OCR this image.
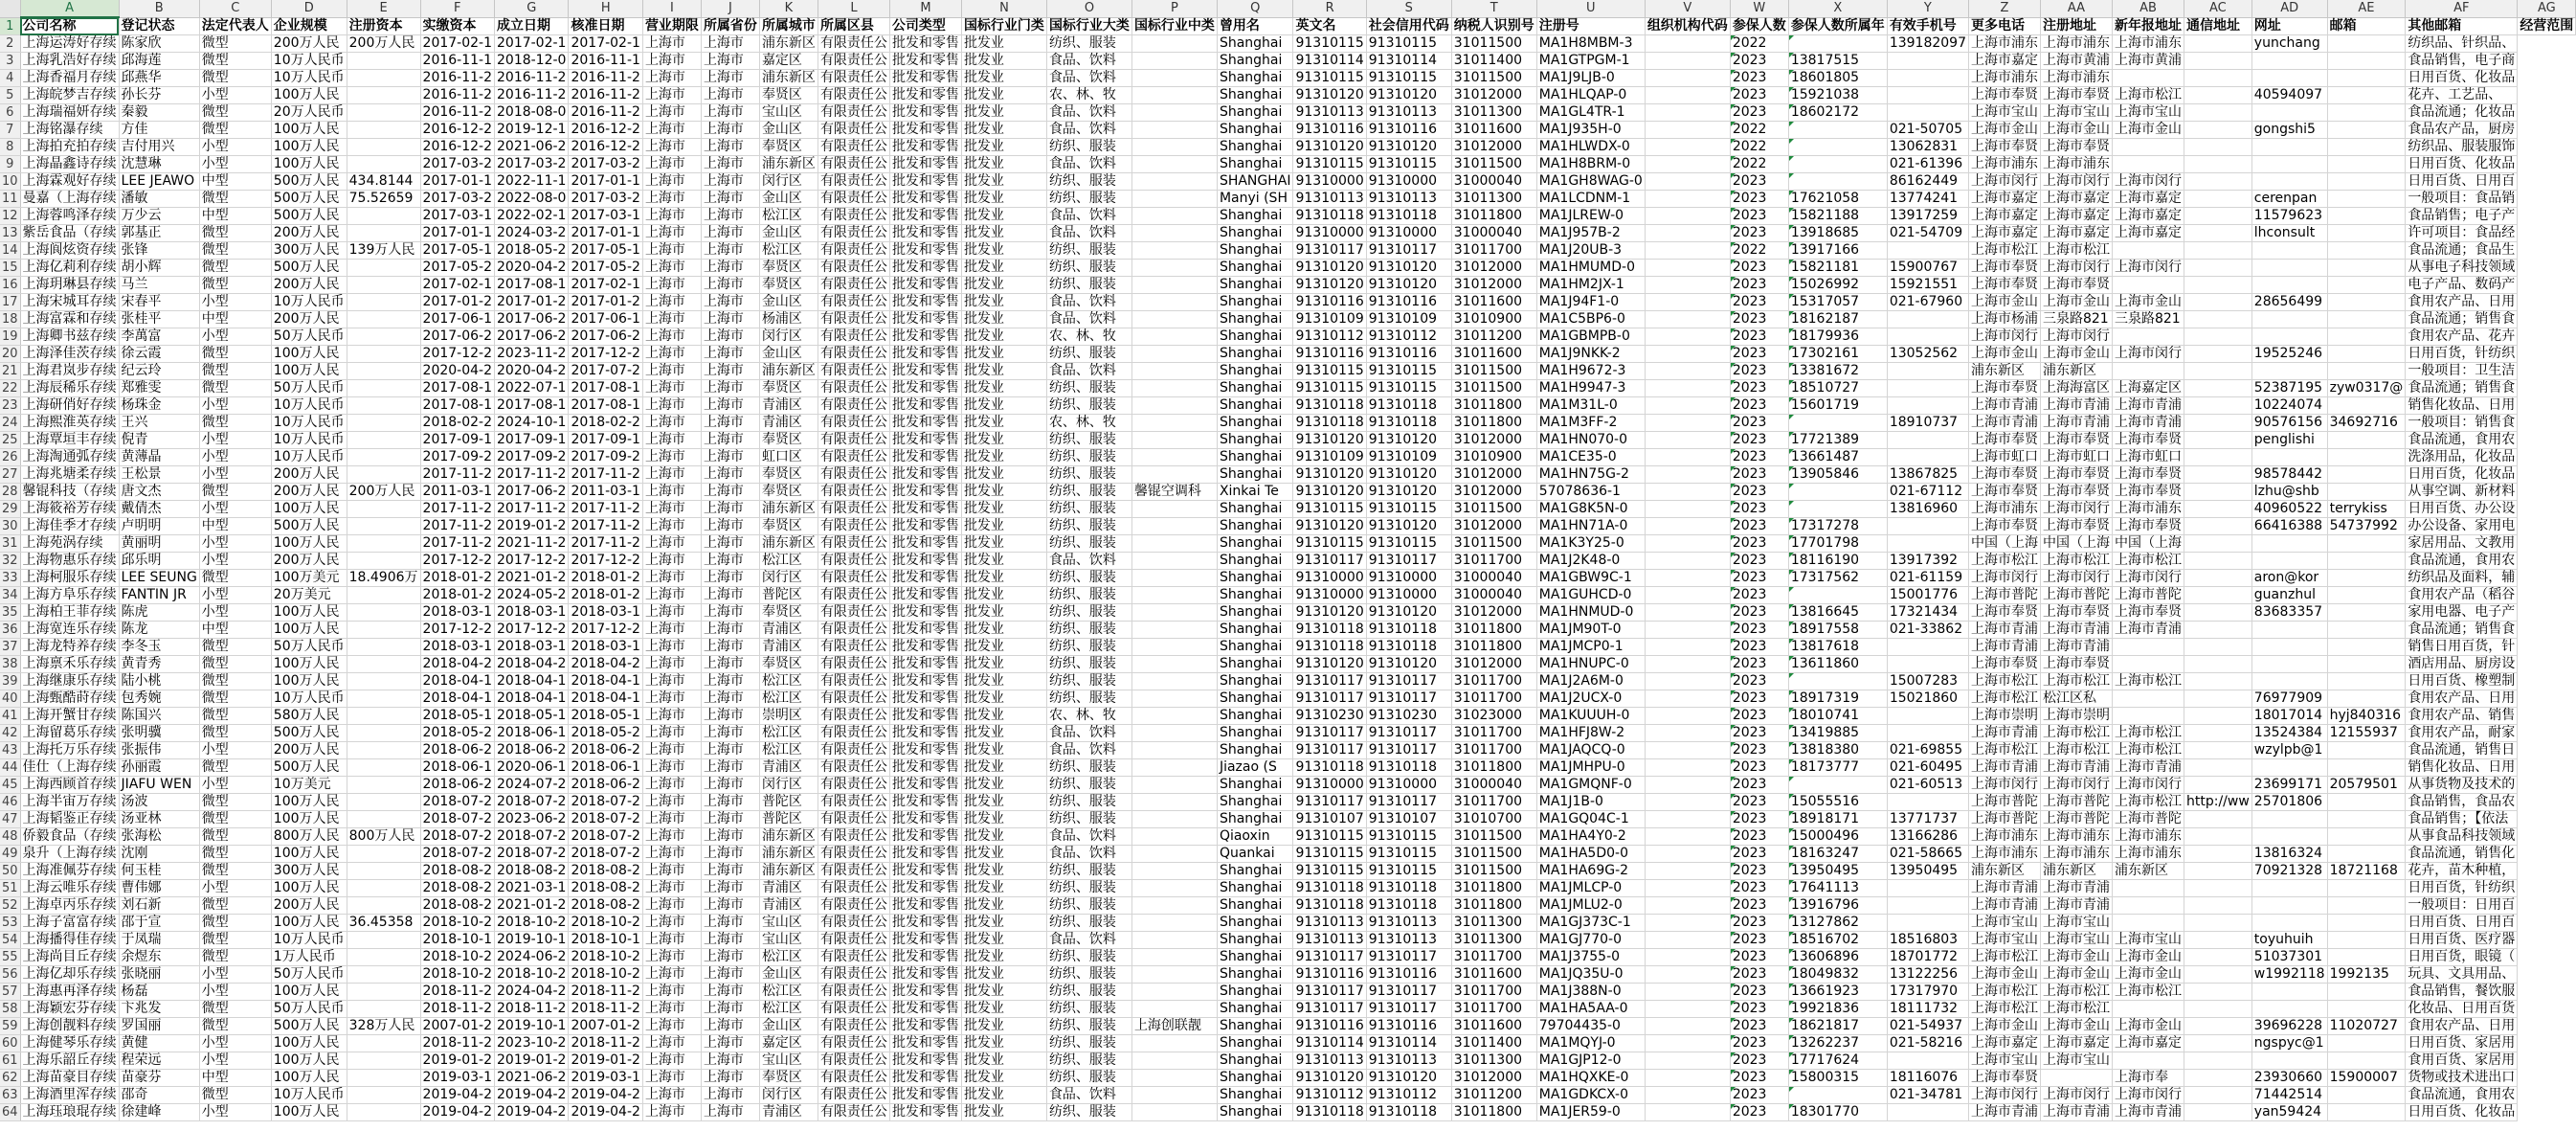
	A	B	C	D	E	F	G	H	I	J	K	L	M	N	O	P	Q	R	S	T	U	V	W	X	Y	Z	AA	AB	AC	AD	AE	AF	AG
1	公司名称	登记状态	法定代表人	企业规模	注册资本	实缴资本	成立日期	核准日期	营业期限	所属省份	所属城市	所属区县	公司类型	国标行业门类	国标行业大类	国标行业中类	曾用名	英文名	社会信用代码	纳税人识别号	注册号	组织机构代码	参保人数	参保人数所属年	有效手机号	更多电话	注册地址	新年报地址	通信地址	网址	邮箱	其他邮箱	经营范围
2	上海运涛好存续	陈家欣	微型	200万人民	200万人民	2017-02-1	2017-02-1	2017-02-1	上海市	上海市	浦东新区	有限责任公	批发和零售	批发业	纺织、服装		Shanghai	91310115	91310115	31011500	MA1H8MBM-3		2022		139182097	上海市浦东	上海市浦东	上海市浦东		yunchang		纺织品、针织品、	
3	上海乳浩好存续	邱海莲	微型	10万人民币		2016-11-1	2018-12-0	2016-11-1	上海市	上海市	嘉定区	有限责任公	批发和零售	批发业	食品、饮料		Shanghai	91310114	91310114	31011400	MA1GTPGM-1		2023	13817515		上海市嘉定	上海市黄浦	上海市黄浦				食品销售，电子商	
4	上海香福月存续	邱燕华	微型	10万人民币		2016-11-2	2016-11-2	2016-11-2	上海市	上海市	浦东新区	有限责任公	批发和零售	批发业	食品、饮料		Shanghai	91310115	91310115	31011500	MA1J9LJB-0		2023	18601805		上海市浦东	上海市浦东					日用百货、化妆品	
5	上海皖梦吉存续	孙长芬	小型	100万人民		2016-11-2	2016-11-2	2016-11-2	上海市	上海市	奉贤区	有限责任公	批发和零售	批发业	农、林、牧		Shanghai	91310120	91310120	31012000	MA1HLQAP-0		2023	15921038		上海市奉贤	上海市奉贤	上海市松江		40594097		花卉、工艺品、	
6	上海瑞福妍存续	秦毅	微型	20万人民币		2016-11-2	2018-08-0	2016-11-2	上海市	上海市	宝山区	有限责任公	批发和零售	批发业	食品、饮料		Shanghai	91310113	91310113	31011300	MA1GL4TR-1		2023	18602172		上海市宝山	上海市宝山	上海市宝山				食品流通；化妆品	
7	上海铭瀑存续	方佳	微型	100万人民		2016-12-2	2019-12-1	2016-12-2	上海市	上海市	金山区	有限责任公	批发和零售	批发业	食品、饮料		Shanghai	91310116	91310116	31011600	MA1J935H-0		2022		021-50705	上海市金山	上海市金山	上海市金山		gongshi5		食品农产品，厨房	
8	上海拍充拍存续	吉付用兴	小型	100万人民		2016-12-2	2021-06-2	2016-12-2	上海市	上海市	奉贤区	有限责任公	批发和零售	批发业	纺织、服装		Shanghai	91310120	91310120	31012000	MA1HLWDX-0		2022		13062831	上海市奉贤	上海市奉贤					纺织品、服装服饰	
9	上海晶鑫诗存续	沈慧琳	小型	100万人民		2017-03-2	2017-03-2	2017-03-2	上海市	上海市	浦东新区	有限责任公	批发和零售	批发业	食品、饮料		Shanghai	91310115	91310115	31011500	MA1H8BRM-0		2022		021-61396	上海市浦东	上海市浦东					日用百货、化妆品	
10	上海霖观好存续	LEE JEAWO	中型	500万人民	434.8144	2017-01-1	2022-11-1	2017-01-1	上海市	上海市	闵行区	有限责任公	批发和零售	批发业	纺织、服装		SHANGHAI	91310000	91310000	31000040	MA1GH8WAG-0		2023		86162449	上海市闵行	上海市闵行	上海市闵行				日用百货、日用百	
11	曼嘉（上海存续	潘敏	微型	500万人民	75.52659	2017-03-2	2022-08-0	2017-03-2	上海市	上海市	金山区	有限责任公	批发和零售	批发业	纺织、服装		Manyi (SH	91310113	91310113	31011300	MA1LCDNM-1		2023	17621058	13774241	上海市嘉定	上海市嘉定	上海市嘉定		cerenpan		一般项目：食品销	
12	上海蓉鸣泽存续	万少云	中型	500万人民		2017-03-1	2022-02-1	2017-03-1	上海市	上海市	松江区	有限责任公	批发和零售	批发业	食品、饮料		Shanghai	91310118	91310118	31011800	MA1JLREW-0		2023	15821188	13917259	上海市嘉定	上海市嘉定	上海市嘉定		11579623		食品销售；电子产	
13	紫岳食品（存续	郭基正	微型	200万人民		2017-01-1	2024-03-2	2017-01-1	上海市	上海市	金山区	有限责任公	批发和零售	批发业	食品、饮料		Shanghai	91310000	91310000	31000040	MA1J957B-2		2023	13918685	021-54709	上海市嘉定	上海市嘉定	上海市嘉定		lhconsult		许可项目：食品经	
14	上海阆炫资存续	张锋	微型	300万人民	139万人民	2017-05-1	2018-05-2	2017-05-1	上海市	上海市	松江区	有限责任公	批发和零售	批发业	纺织、服装		Shanghai	91310117	91310117	31011700	MA1J20UB-3		2022	13917166		上海市松江	上海市松江					食品流通；食品生	
15	上海亿莉利存续	胡小辉	微型	500万人民		2017-05-2	2020-04-2	2017-05-2	上海市	上海市	奉贤区	有限责任公	批发和零售	批发业	纺织、服装		Shanghai	91310120	91310120	31012000	MA1HMUMD-0		2023	15821181	15900767	上海市奉贤	上海市闵行	上海市闵行				从事电子科技领域	
16	上海玥琳县存续	马兰	微型	200万人民		2017-02-1	2017-08-1	2017-02-1	上海市	上海市	奉贤区	有限责任公	批发和零售	批发业	纺织、服装		Shanghai	91310120	91310120	31012000	MA1HM2JX-1		2023	15026992	15921551	上海市奉贤	上海市奉贤					电子产品、数码产	
17	上海宋城耳存续	宋春平	小型	10万人民币		2017-01-2	2017-01-2	2017-01-2	上海市	上海市	金山区	有限责任公	批发和零售	批发业	食品、饮料		Shanghai	91310116	91310116	31011600	MA1J94F1-0		2023	15317057	021-67960	上海市金山	上海市金山	上海市金山		28656499		食用农产品、日用	
18	上海富霖和存续	张桂平	中型	200万人民		2017-06-1	2017-06-2	2017-06-1	上海市	上海市	杨浦区	有限责任公	批发和零售	批发业	食品、饮料		Shanghai	91310109	91310109	31010900	MA1C5BP6-0		2023	18162187		上海市杨浦	三泉路821	三泉路821				食品流通；销售食	
19	上海卿书兹存续	李萬富	小型	50万人民币		2017-06-2	2017-06-2	2017-06-2	上海市	上海市	闵行区	有限责任公	批发和零售	批发业	农、林、牧		Shanghai	91310112	91310112	31011200	MA1GBMPB-0		2023	18179936		上海市闵行	上海市闵行					食用农产品、花卉	
20	上海泽佳茨存续	徐云霞	微型	100万人民		2017-12-2	2023-11-2	2017-12-2	上海市	上海市	金山区	有限责任公	批发和零售	批发业	纺织、服装		Shanghai	91310116	91310116	31011600	MA1J9NKK-2		2023	17302161	13052562	上海市金山	上海市金山	上海市闵行		19525246		日用百货，针纺织	
21	上海君岚步存续	纪云玲	微型	100万人民		2020-04-2	2020-04-2	2017-07-2	上海市	上海市	浦东新区	有限责任公	批发和零售	批发业	食品、饮料		Shanghai	91310115	91310115	31011500	MA1H9672-3		2023	13381672		浦东新区	浦东新区					一般项目：卫生洁	
22	上海辰稀乐存续	郑雅雯	微型	50万人民币		2017-08-1	2022-07-1	2017-08-1	上海市	上海市	奉贤区	有限责任公	批发和零售	批发业	纺织、服装		Shanghai	91310115	91310115	31011500	MA1H9947-3		2023	18510727		上海市奉贤	上海海富区	上海嘉定区		52387195	zyw0317@	食品流通；销售食	
23	上海研俏好存续	杨珠金	小型	10万人民币		2017-08-1	2017-08-1	2017-08-1	上海市	上海市	青浦区	有限责任公	批发和零售	批发业	纺织、服装		Shanghai	91310118	91310118	31011800	MA1M31L-0		2023	15601719		上海市青浦	上海市青浦	上海市青浦		10224074		销售化妆品、日用	
24	上海熙淮英存续	王兴	微型	10万人民币		2018-02-2	2024-10-1	2018-02-2	上海市	上海市	青浦区	有限责任公	批发和零售	批发业	农、林、牧		Shanghai	91310118	91310118	31011800	MA1M3FF-2		2023		18910737	上海市青浦	上海市青浦	上海市青浦		90576156	34692716	一般项目：销售食	
25	上海覃垣丰存续	倪青	小型	10万人民币		2017-09-1	2017-09-1	2017-09-1	上海市	上海市	奉贤区	有限责任公	批发和零售	批发业	纺织、服装		Shanghai	91310120	91310120	31012000	MA1HN070-0		2023	17721389		上海市奉贤	上海市奉贤	上海市奉贤		penglishi		食品流通，食用农	
26	上海淘通弧存续	黄薄晶	小型	10万人民币		2017-09-2	2017-09-2	2017-09-2	上海市	上海市	虹口区	有限责任公	批发和零售	批发业	纺织、服装		Shanghai	91310109	91310109	31010900	MA1CE35-0		2023	13661487		上海市虹口	上海市虹口	上海市虹口				洗涤用品，化妆品	
27	上海兆塘柔存续	王松景	小型	200万人民		2017-11-2	2017-11-2	2017-11-2	上海市	上海市	奉贤区	有限责任公	批发和零售	批发业	纺织、服装		Shanghai	91310120	91310120	31012000	MA1HN75G-2		2023	13905846	13867825	上海市奉贤	上海市奉贤	上海市奉贤		98578442		日用百货，化妆品	
28	馨锟科技（存续	唐文杰	微型	200万人民	200万人民	2011-03-1	2017-06-2	2011-03-1	上海市	上海市	奉贤区	有限责任公	批发和零售	批发业	纺织、服装	馨锟空调科	Xinkai Te	91310120	91310120	31012000	57078636-1		2023		021-67112	上海市奉贤	上海市奉贤	上海市奉贤		lzhu@shb		从事空调、新材料	
29	上海筱裕芳存续	戴倩杰	小型	100万人民		2017-11-2	2017-11-2	2017-11-2	上海市	上海市	浦东新区	有限责任公	批发和零售	批发业	纺织、服装		Shanghai	91310115	91310115	31011500	MA1G8K5N-0		2023		13816960	上海市浦东	上海市闵行	上海市浦东		40960522	terrykiss	日用百货、办公设	
30	上海佳季才存续	卢明明	中型	500万人民		2017-11-2	2019-01-2	2017-11-2	上海市	上海市	奉贤区	有限责任公	批发和零售	批发业	纺织、服装		Shanghai	91310120	91310120	31012000	MA1HN71A-0		2023	17317278		上海市奉贤	上海市奉贤	上海市奉贤		66416388	54737992	办公设备、家用电	
31	上海苑涡存续	黄丽明	小型	100万人民		2017-11-2	2021-11-2	2017-11-2	上海市	上海市	浦东新区	有限责任公	批发和零售	批发业	纺织、服装		Shanghai	91310115	91310115	31011500	MA1K3Y25-0		2023	17701798		中国（上海	中国（上海	中国（上海				家居用品、文教用	
32	上海物惠乐存续	邱乐明	小型	200万人民		2017-12-2	2017-12-2	2017-12-2	上海市	上海市	松江区	有限责任公	批发和零售	批发业	食品、饮料		Shanghai	91310117	91310117	31011700	MA1J2K48-0		2023	18116190	13917392	上海市松江	上海市松江	上海市松江				食品流通，食用农	
33	上海柯服乐存续	LEE SEUNG	微型	100万美元	18.4906万	2018-01-2	2021-01-2	2018-01-2	上海市	上海市	闵行区	有限责任公	批发和零售	批发业	纺织、服装		Shanghai	91310000	91310000	31000040	MA1GBW9C-1		2023	17317562	021-61159	上海市闵行	上海市闵行	上海市闵行		aron@kor		纺织品及面料，辅	
34	上海方阜乐存续	FANTIN JR	小型	20万美元		2018-01-2	2024-05-2	2018-01-2	上海市	上海市	普陀区	有限责任公	批发和零售	批发业	纺织、服装		Shanghai	91310000	91310000	31000040	MA1GUHCD-0		2023		15001776	上海市普陀	上海市普陀	上海市普陀		guanzhul		食用农产品（稻谷	
35	上海柏王菲存续	陈虎	小型	100万人民		2018-03-1	2018-03-1	2018-03-1	上海市	上海市	奉贤区	有限责任公	批发和零售	批发业	纺织、服装		Shanghai	91310120	91310120	31012000	MA1HNMUD-0		2023	13816645	17321434	上海市奉贤	上海市奉贤	上海市奉贤		83683357		家用电器、电子产	
36	上海宽连乐存续	陈龙	中型	100万人民		2017-12-2	2017-12-2	2017-12-2	上海市	上海市	青浦区	有限责任公	批发和零售	批发业	纺织、服装		Shanghai	91310118	91310118	31011800	MA1JM90T-0		2023	18917558	021-33862	上海市青浦	上海市青浦	上海市青浦				食品流通；销售食	
37	上海龙特养存续	李冬玉	微型	50万人民币		2018-03-1	2018-03-1	2018-03-1	上海市	上海市	青浦区	有限责任公	批发和零售	批发业	纺织、服装		Shanghai	91310118	91310118	31011800	MA1JMCP0-1		2023	13817618		上海市青浦	上海市青浦					销售日用百货，针	
38	上海禀禾乐存续	黄青秀	微型	100万人民		2018-04-2	2018-04-2	2018-04-2	上海市	上海市	奉贤区	有限责任公	批发和零售	批发业	纺织、服装		Shanghai	91310120	91310120	31012000	MA1HNUPC-0		2023	13611860		上海市奉贤	上海市奉贤					酒店用品、厨房设	
39	上海继康乐存续	陆小桃	微型	100万人民		2018-04-1	2018-04-1	2018-04-1	上海市	上海市	松江区	有限责任公	批发和零售	批发业	纺织、服装		Shanghai	91310117	91310117	31011700	MA1J2A6M-0		2023		15007283	上海市松江	上海市松江	上海市松江				日用百货、橡塑制	
40	上海甄酷莳存续	包秀婉	微型	10万人民币		2018-04-1	2018-04-1	2018-04-1	上海市	上海市	松江区	有限责任公	批发和零售	批发业	纺织、服装		Shanghai	91310117	91310117	31011700	MA1J2UCX-0		2023	18917319	15021860	上海市松江	松江区私			76977909		食用农产品、日用	
41	上海开蟹甘存续	陈国兴	微型	580万人民		2018-05-1	2018-05-1	2018-05-1	上海市	上海市	崇明区	有限责任公	批发和零售	批发业	农、林、牧		Shanghai	91310230	91310230	31023000	MA1KUUUH-0		2023	18010741		上海市崇明	上海市崇明			18017014	hyj840316	食用农产品、销售	
42	上海留葛乐存续	张明骥	微型	500万人民		2018-05-2	2018-06-1	2018-05-2	上海市	上海市	松江区	有限责任公	批发和零售	批发业	食品、饮料		Shanghai	91310117	91310117	31011700	MA1HFJ8W-2		2023	13419885		上海市青浦	上海市松江	上海市松江		13524384	12155937	食用农产品，耐家	
43	上海托万乐存续	张振伟	小型	200万人民		2018-06-2	2018-06-2	2018-06-2	上海市	上海市	松江区	有限责任公	批发和零售	批发业	食品、饮料		Shanghai	91310117	91310117	31011700	MA1JAQCQ-0		2023	13818380	021-69855	上海市松江	上海市松江	上海市松江		wzylpb@1		食品流通，销售日	
44	佳仕（上海存续	孙丽霞	微型	500万人民		2018-06-1	2020-06-1	2018-06-1	上海市	上海市	青浦区	有限责任公	批发和零售	批发业	纺织、服装		Jiazao (S	91310118	91310118	31011800	MA1JMHPU-0		2023	18173777	021-60495	上海市青浦	上海市青浦	上海市青浦				销售化妆品、日用	
45	上海西顾首存续	JIAFU WEN	小型	10万美元		2018-06-2	2024-07-2	2018-06-2	上海市	上海市	闵行区	有限责任公	批发和零售	批发业	纺织、服装		Shanghai	91310000	91310000	31000040	MA1GMQNF-0		2023		021-60513	上海市闵行	上海市闵行	上海市闵行		23699171	20579501	从事货物及技术的	
46	上海半宙万存续	汤波	微型	100万人民		2018-07-2	2018-07-2	2018-07-2	上海市	上海市	普陀区	有限责任公	批发和零售	批发业	纺织、服装		Shanghai	91310117	91310117	31011700	MA1J1B-0		2023	15055516		上海市普陀	上海市普陀	上海市松江	http://ww	25701806		食品销售，食品农	
47	上海韬鉴正存续	汤亚林	微型	100万人民		2018-07-2	2023-06-2	2018-07-2	上海市	上海市	普陀区	有限责任公	批发和零售	批发业	纺织、服装		Shanghai	91310107	91310107	31010700	MA1GQ04C-1		2023	18918171	13771737	上海市普陀	上海市普陀	上海市普陀				食品销售；【依法	
48	侨毅食品（存续	张海松	微型	800万人民	800万人民	2018-07-2	2018-07-2	2018-07-2	上海市	上海市	浦东新区	有限责任公	批发和零售	批发业	食品、饮料		Qiaoxin	91310115	91310115	31011500	MA1HA4Y0-2		2023	15000496	13166286	上海市浦东	上海市浦东	上海市浦东				从事食品科技领域	
49	泉升（上海存续	沈刚	微型	100万人民		2018-07-2	2018-07-2	2018-07-2	上海市	上海市	浦东新区	有限责任公	批发和零售	批发业	食品、饮料		Quankai	91310115	91310115	31011500	MA1HA5D0-0		2023	18163247	021-58665	上海市浦东	上海市浦东	上海市浦东		13816324		食品流通，销售化	
50	上海准佩芬存续	何玉桂	微型	300万人民		2018-08-2	2018-08-2	2018-08-2	上海市	上海市	浦东新区	有限责任公	批发和零售	批发业	纺织、服装		Shanghai	91310115	91310115	31011500	MA1HA69G-2		2023	13950495	13950495	浦东新区	浦东新区	浦东新区		70921328	18721168	花卉，苗木种植，	
51	上海云唯乐存续	曹伟娜	小型	100万人民		2018-08-2	2021-03-1	2018-08-2	上海市	上海市	青浦区	有限责任公	批发和零售	批发业	纺织、服装		Shanghai	91310118	91310118	31011800	MA1JMLCP-0		2023	17641113		上海市青浦	上海市青浦					日用百货，针纺织	
52	上海卓丙乐存续	刘石新	微型	200万人民		2018-08-2	2021-01-2	2018-08-2	上海市	上海市	青浦区	有限责任公	批发和零售	批发业	纺织、服装		Shanghai	91310118	91310118	31011800	MA1JMLU2-0		2023	13916796		上海市青浦	上海市青浦					一般项目：日用百	
53	上海子富富存续	邵于宣	微型	100万人民	36.45358	2018-10-2	2018-10-2	2018-10-2	上海市	上海市	宝山区	有限责任公	批发和零售	批发业	纺织、服装		Shanghai	91310113	91310113	31011300	MA1GJ373C-1		2023	13127862		上海市宝山	上海市宝山					日用百货、日用百	
54	上海播得佳存续	于凤瑞	微型	10万人民币		2018-10-1	2019-10-1	2018-10-1	上海市	上海市	宝山区	有限责任公	批发和零售	批发业	食品、饮料		Shanghai	91310113	91310113	31011300	MA1GJ770-0		2023	18516702	18516803	上海市宝山	上海市宝山	上海市宝山		toyuhuih		日用百货、医疗器	
55	上海尚目丘存续	余煜东	微型	1万人民币		2018-10-2	2024-06-2	2018-10-2	上海市	上海市	松江区	有限责任公	批发和零售	批发业	纺织、服装		Shanghai	91310117	91310117	31011700	MA1J3755-0		2023	13606896	18701772	上海市松江	上海市金山	上海市金山		51037301		日用百货，眼镜（	
56	上海亿却乐存续	张晓丽	小型	50万人民币		2018-10-2	2018-10-2	2018-10-2	上海市	上海市	金山区	有限责任公	批发和零售	批发业	纺织、服装		Shanghai	91310116	91310116	31011600	MA1JQ35U-0		2023	18049832	13122256	上海市金山	上海市金山	上海市金山		w1992118	1992135	玩具、文具用品、	
57	上海惠再泽存续	杨磊	小型	100万人民		2018-11-2	2024-04-2	2018-11-2	上海市	上海市	松江区	有限责任公	批发和零售	批发业	纺织、服装		Shanghai	91310117	91310117	31011700	MA1J388N-0		2023	13661923	17317970	上海市松江	上海市松江	上海市松江				食品销售，餐饮服	
58	上海颖宏芬存续	卞兆发	微型	50万人民币		2018-11-2	2018-11-2	2018-11-2	上海市	上海市	松江区	有限责任公	批发和零售	批发业	纺织、服装		Shanghai	91310117	91310117	31011700	MA1HA5AA-0		2023	19921836	18111732	上海市松江	上海市松江					化妆品、日用百货	
59	上海创靓料存续	罗国丽	微型	500万人民	328万人民	2007-01-2	2019-10-1	2007-01-2	上海市	上海市	金山区	有限责任公	批发和零售	批发业	纺织、服装	上海创联靓	Shanghai	91310116	91310116	31011600	79704435-0		2023	18621817	021-54937	上海市金山	上海市金山	上海市金山		39696228	11020727	食用农产品、日用	
60	上海健琴乐存续	黄健	小型	100万人民		2018-11-2	2023-10-2	2018-11-2	上海市	上海市	嘉定区	有限责任公	批发和零售	批发业	纺织、服装		Shanghai	91310114	91310114	31011400	MA1MQYJ-0		2023	13262237	021-58216	上海市嘉定	上海市嘉定	上海市嘉定		ngspyc@1		日用百货、家居用	
61	上海乐韶丘存续	程荣远	小型	100万人民		2019-01-2	2019-01-2	2019-01-2	上海市	上海市	宝山区	有限责任公	批发和零售	批发业	纺织、服装		Shanghai	91310113	91310113	31011300	MA1GJP12-0		2023	17717624		上海市宝山	上海市宝山					食用百货、家居用	
62	上海苗豪目存续	苗豪芬	中型	100万人民		2019-03-1	2021-06-2	2019-03-1	上海市	上海市	奉贤区	有限责任公	批发和零售	批发业	纺织、服装		Shanghai	91310120	91310120	31012000	MA1HQXKE-0		2023	15800315	18116076	上海市奉贤		上海市奉		23930660	15900007	货物或技术进出口	
63	上海酒里浑存续	邵奇	微型	10万人民币		2019-04-2	2019-04-2	2019-04-2	上海市	上海市	闵行区	有限责任公	批发和零售	批发业	食品、饮料		Shanghai	91310112	91310112	31011200	MA1GDKCX-0		2023		021-34781	上海市闵行	上海市闵行	上海市闵行		71442514		食品流通，食用农	
64	上海珏琅琨存续	徐建峰	小型	100万人民		2019-04-2	2019-04-2	2019-04-2	上海市	上海市	青浦区	有限责任公	批发和零售	批发业	纺织、服装		Shanghai	91310118	91310118	31011800	MA1JER59-0		2023	18301770		上海市青浦	上海市青浦	上海市青浦		yan59424		日用百货、化妆品	
